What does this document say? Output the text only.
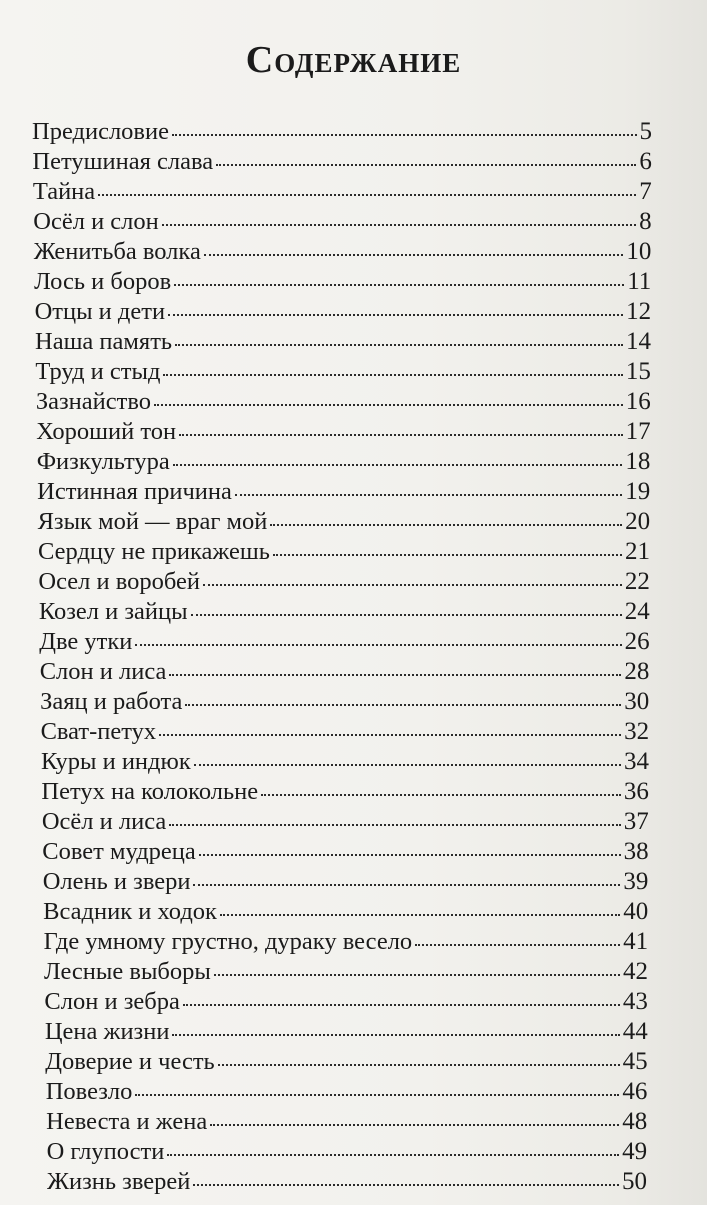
Содержание
Предисловие	5
Петушиная слава	6
Тайна	7
Осёл и слон	8
Женитьба волка	10
Лось и боров	11
Отцы и дети	12
Наша память	14
Труд и стыд	15
Зазнайство	16
Хороший тон	17
Физкультура	18
Истинная причина	19
Язык мой — враг мой	20
Сердцу не прикажешь	21
Осел и воробей	22
Козел и зайцы	24
Две утки	26
Слон и лиса	28
Заяц и работа	30
Сват-петух	32
Куры и индюк	34
Петух на колокольне	36
Осёл и лиса	37
Совет мудреца	38
Олень и звери	39
Всадник и ходок	40
Где умному грустно, дураку весело	41
Лесные выборы	42
Слон и зебра	43
Цена жизни	44
Доверие и честь	45
Повезло	46
Невеста и жена	48
О глупости	49
Жизнь зверей	50
